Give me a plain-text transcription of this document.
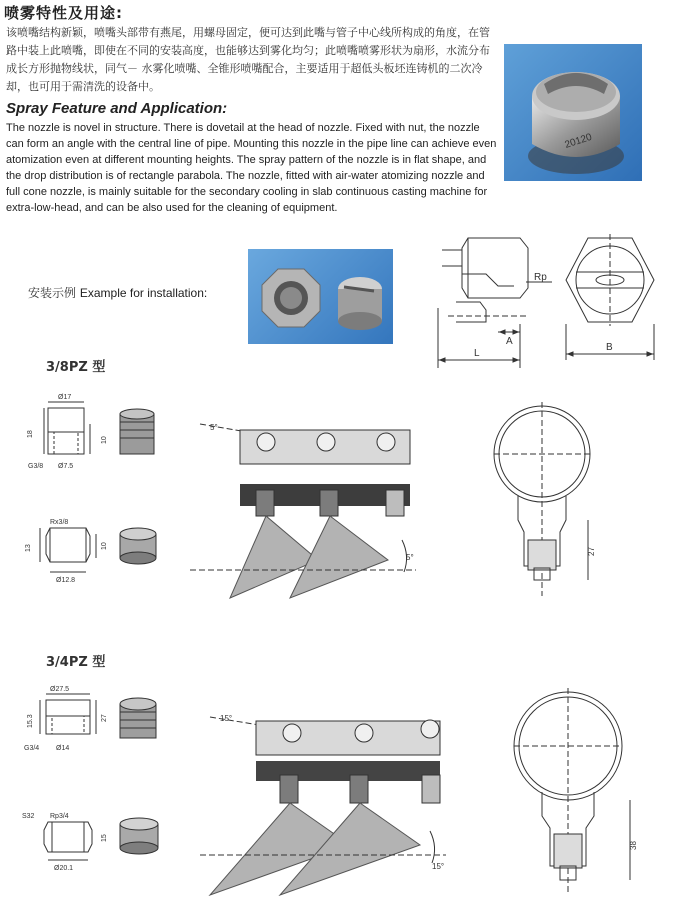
喷雾特性及用途:

该喷嘴结构新颖，喷嘴头部带有燕尾，用螺母固定，便可达到此嘴与管子中心线所构成的角度，在管路中装上此喷嘴，即使在不同的安装高度，也能够达到雾化均匀；此喷嘴喷雾形状为扇形，水流分布成长方形抛物线状，同气－ 水雾化喷嘴、全锥形喷嘴配合，主要适用于超低头板坯连铸机的二次冷却，也可用于需清洗的设备中。

Spray Feature and Application:

The nozzle is novel in structure. There is dovetail at the head of nozzle. Fixed with nut, the nozzle can form an angle with the central line of pipe. Mounting this nozzle in the pipe line can achieve even atomization even at different mounting heights. The spray pattern of the nozzle is in flat shape, and the drop distribution is of rectangle parabola. The nozzle, fitted with air-water atomizing nozzle and full cone nozzle, is mainly suitable for the secondary cooling in slab continuous casting machine for extra-low-head, and can be also used for the cleaning of equipment.

20120
安装示例 Example for installation:
Rp
A
L
B
3/8PZ 型
Ø17
18
10
G3/8 Ø7.5
Rx3/8
13	10
Ø12.8
5°
5°
27
3/4PZ 型
Ø27.5
15.3	27
G3/4 Ø14
S32 Rp3/4
15
Ø20.1
15°
15°
38
